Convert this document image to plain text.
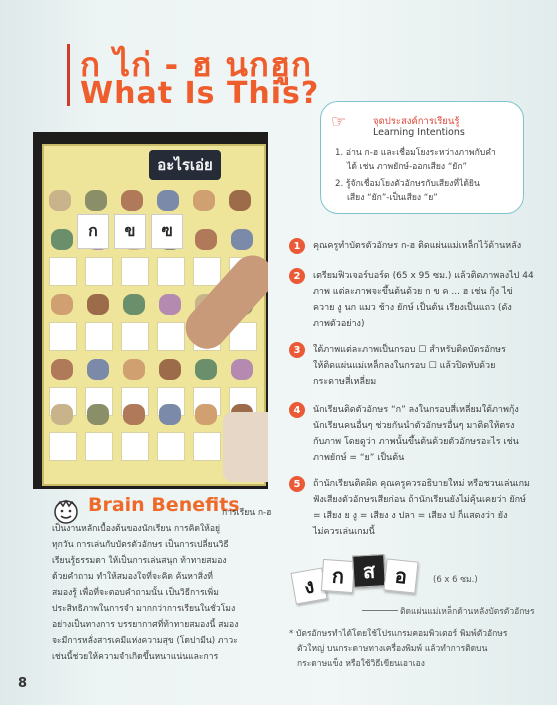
ก ไก่ - ฮ นกฮูก
What Is This?
อะไรเอ่ย
ก	ข	ฃ
☞	จุดประสงค์การเรียนรู้
Learning Intentions
1. อ่าน ก-ฮ และเชื่อมโยงระหว่างภาพกับคำ
ได้ เช่น ภาพยักษ์-ออกเสียง “ยัก”
2. รู้จักเชื่อมโยงตัวอักษรกับเสียงที่ได้ยิน
เสียง “ยัก”-เป็นเสียง “ย”
1	คุณครูทำบัตรตัวอักษร ก-ฮ ติดแผ่นแม่เหล็กไว้ด้านหลัง
2	เตรียมฟิวเจอร์บอร์ด (65 x 95 ซม.) แล้วติดภาพลงไป 44
ภาพ แต่ละภาพจะขึ้นต้นด้วย ก ข ค ... ฮ เช่น กุ้ง ไข่
ควาย งู นก แมว ช้าง ยักษ์ เป็นต้น เรียงเป็นแถว (ดัง
ภาพตัวอย่าง)
3	ใต้ภาพแต่ละภาพเป็นกรอบ ☐ สำหรับติดบัตรอักษร
ให้ติดแผ่นแม่เหล็กลงในกรอบ ☐ แล้วปิดทับด้วย
กระดาษสี่เหลี่ยม
4	นักเรียนติดตัวอักษร “ก” ลงในกรอบสี่เหลี่ยมใต้ภาพกุ้ง
นักเรียนคนอื่นๆ ช่วยกันนำตัวอักษรอื่นๆ มาติดให้ตรง
กับภาพ โดยดูว่า ภาพนั้นขึ้นต้นด้วยตัวอักษรอะไร เช่น
ภาพยักษ์ = “ย” เป็นต้น
5	ถ้านักเรียนติดผิด คุณครูควรอธิบายใหม่ หรือชวนเล่นเกม
ฟังเสียงตัวอักษรเสียก่อน ถ้านักเรียนยังไม่คุ้นเคยว่า ยักษ์
= เสียง ย งู = เสียง ง ปลา = เสียง ป ก็แสดงว่า ยัง
ไม่ควรเล่นเกมนี้
Brain Benefits
การเรียน ก-ฮ
เป็นงานหลักเบื้องต้นของนักเรียน การคิดให้อยู่
ทุกวัน การเล่นกับบัตรตัวอักษร เป็นการเปลี่ยนวิธี
เรียนรู้ธรรมดา ให้เป็นการเล่นสนุก ท้าทายสมอง
ด้วยคำถาม ทำให้สมองใจที่จะคิด ค้นหาสิ่งที่
สมองรู้ เพื่อที่จะตอบคำถามนั้น เป็นวิธีการเพิ่ม
ประสิทธิภาพในการจำ มากกว่าการเรียนในชั่วโมง
อย่างเป็นทางการ บรรยากาศที่ท้าทายสมองนี้ สมอง
จะมีการหลั่งสารเคมีแห่งความสุข (โดปามีน) ภาวะ
เช่นนี้ช่วยให้ความจำเกิดขึ้นหนาแน่นและการ
ง ก ส อ	(6 x 6 ซม.)
ติดแผ่นแม่เหล็กด้านหลังบัตรตัวอักษร
* บัตรอักษรทำได้โดยใช้โปรแกรมคอมพิวเตอร์ พิมพ์ตัวอักษร
ตัวใหญ่ บนกระดาษทางเครื่องพิมพ์ แล้วทำการติดบน
กระดาษแข็ง หรือใช้วิธีเขียนเอาเอง
8
